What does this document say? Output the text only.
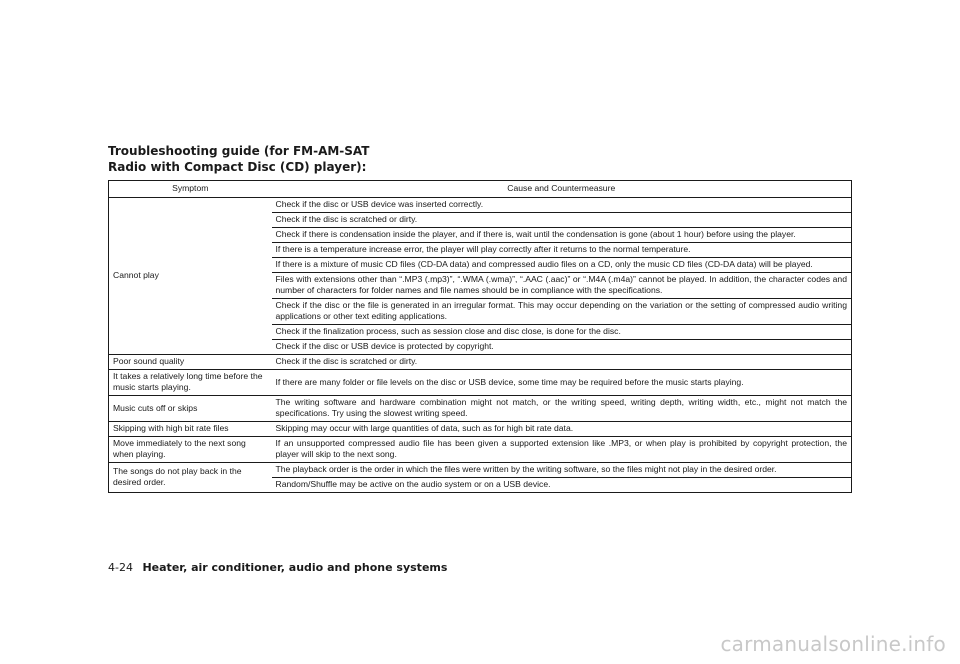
Troubleshooting guide (for FM-AM-SAT
Radio with Compact Disc (CD) player):
Symptom	Cause and Countermeasure
Cannot play	Check if the disc or USB device was inserted correctly.
	Check if the disc is scratched or dirty.
	Check if there is condensation inside the player, and if there is, wait until the condensation is gone (about 1 hour) before using the player.
	If there is a temperature increase error, the player will play correctly after it returns to the normal temperature.
	If there is a mixture of music CD files (CD-DA data) and compressed audio files on a CD, only the music CD files (CD-DA data) will be played.
	Files with extensions other than “.MP3 (.mp3)”, “.WMA (.wma)”, “.AAC (.aac)” or “.M4A (.m4a)” cannot be played. In addition, the character codes and number of characters for folder names and file names should be in compliance with the specifications.
	Check if the disc or the file is generated in an irregular format. This may occur depending on the variation or the setting of compressed audio writing applications or other text editing applications.
	Check if the finalization process, such as session close and disc close, is done for the disc.
	Check if the disc or USB device is protected by copyright.
Poor sound quality	Check if the disc is scratched or dirty.
It takes a relatively long time before the music starts playing.	If there are many folder or file levels on the disc or USB device, some time may be required before the music starts playing.
Music cuts off or skips	The writing software and hardware combination might not match, or the writing speed, writing depth, writing width, etc., might not match the specifications. Try using the slowest writing speed.
Skipping with high bit rate files	Skipping may occur with large quantities of data, such as for high bit rate data.
Move immediately to the next song when playing.	If an unsupported compressed audio file has been given a supported extension like .MP3, or when play is prohibited by copyright protection, the player will skip to the next song.
The songs do not play back in the desired order.	The playback order is the order in which the files were written by the writing software, so the files might not play in the desired order.
	Random/Shuffle may be active on the audio system or on a USB device.
4-24 Heater, air conditioner, audio and phone systems
carmanualsonline.info
